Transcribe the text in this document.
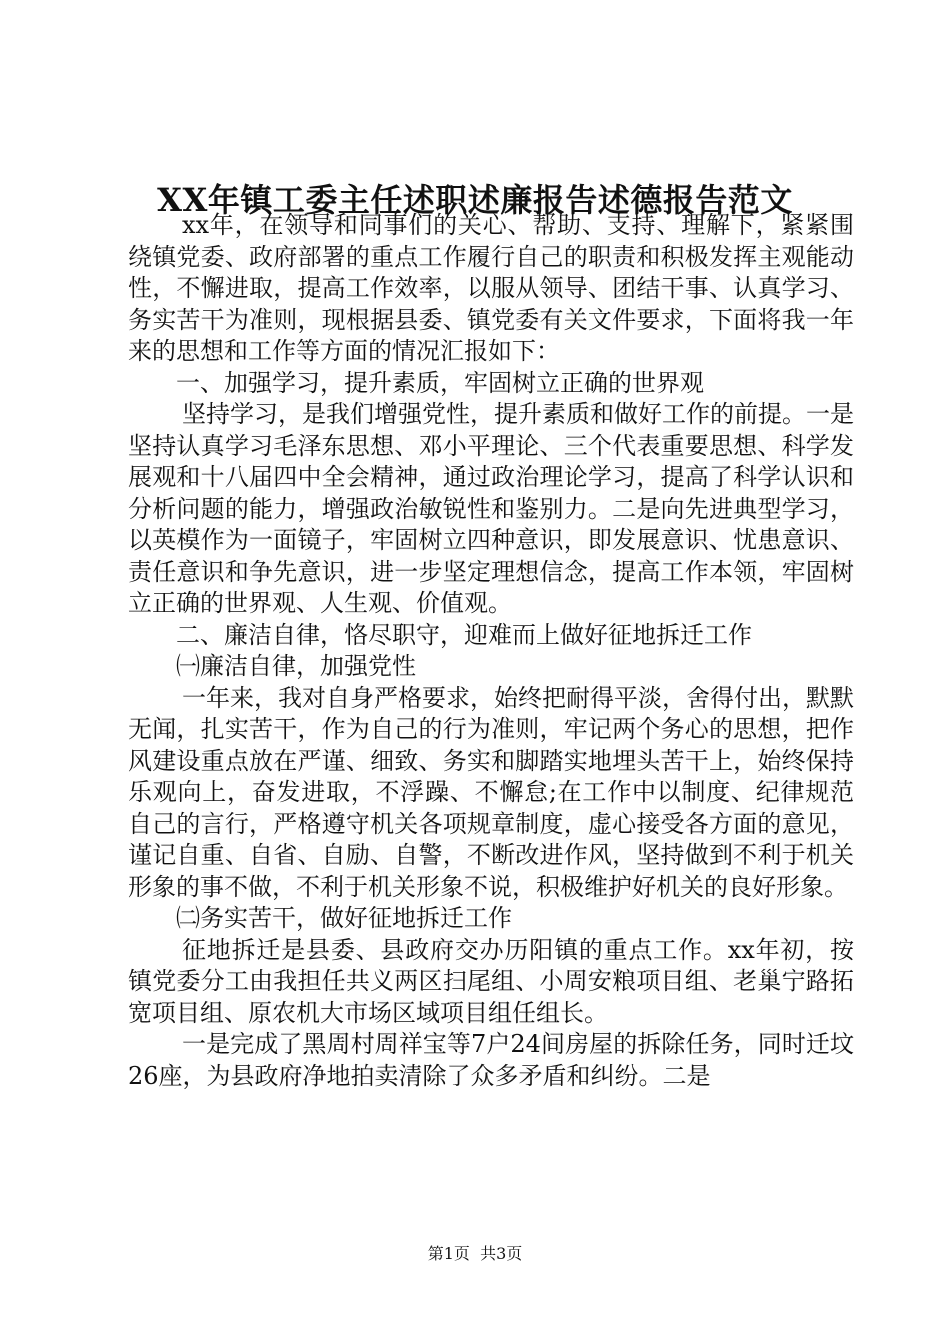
XX年镇工委主任述职述廉报告述德报告范文

xx年，在领导和同事们的关心、帮助、支持、理解下，紧紧围绕镇党委、政府部署的重点工作履行自己的职责和积极发挥主观能动性，不懈进取，提高工作效率，以服从领导、团结干事、认真学习、务实苦干为准则，现根据县委、镇党委有关文件要求，下面将我一年来的思想和工作等方面的情况汇报如下：

一、加强学习，提升素质，牢固树立正确的世界观

坚持学习，是我们增强党性，提升素质和做好工作的前提。一是坚持认真学习毛泽东思想、邓小平理论、三个代表重要思想、科学发展观和十八届四中全会精神，通过政治理论学习，提高了科学认识和分析问题的能力，增强政治敏锐性和鉴别力。二是向先进典型学习，以英模作为一面镜子，牢固树立四种意识，即发展意识、忧患意识、责任意识和争先意识，进一步坚定理想信念，提高工作本领，牢固树立正确的世界观、人生观、价值观。

二、廉洁自律，恪尽职守，迎难而上做好征地拆迁工作

㈠廉洁自律，加强党性

一年来，我对自身严格要求，始终把耐得平淡，舍得付出，默默无闻，扎实苦干，作为自己的行为准则，牢记两个务心的思想，把作风建设重点放在严谨、细致、务实和脚踏实地埋头苦干上，始终保持乐观向上，奋发进取，不浮躁、不懈怠;在工作中以制度、纪律规范自己的言行，严格遵守机关各项规章制度，虚心接受各方面的意见，谨记自重、自省、自励、自警，不断改进作风，坚持做到不利于机关形象的事不做，不利于机关形象不说，积极维护好机关的良好形象。

㈡务实苦干，做好征地拆迁工作

征地拆迁是县委、县政府交办历阳镇的重点工作。xx年初，按镇党委分工由我担任共义两区扫尾组、小周安粮项目组、老巢宁路拓宽项目组、原农机大市场区域项目组任组长。

一是完成了黑周村周祥宝等7户24间房屋的拆除任务，同时迁坟26座，为县政府净地拍卖清除了众多矛盾和纠纷。二是

第1页  共3页
